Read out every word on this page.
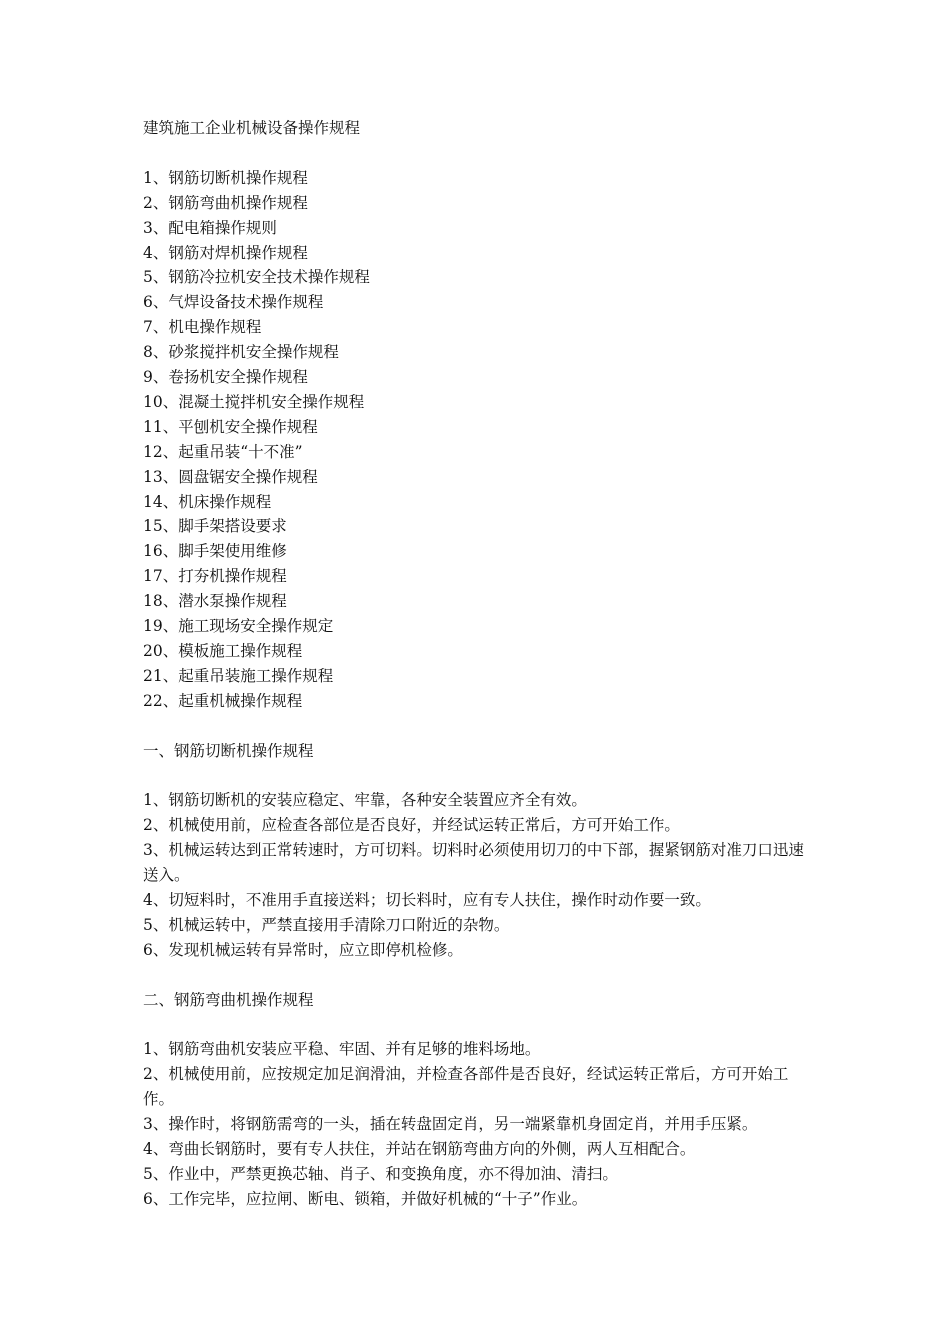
建筑施工企业机械设备操作规程
1、钢筋切断机操作规程
2、钢筋弯曲机操作规程
3、配电箱操作规则
4、钢筋对焊机操作规程
5、钢筋冷拉机安全技术操作规程
6、气焊设备技术操作规程
7、机电操作规程
8、砂浆搅拌机安全操作规程
9、卷扬机安全操作规程
10、混凝土搅拌机安全操作规程
11、平刨机安全操作规程
12、起重吊装“十不准”
13、圆盘锯安全操作规程
14、机床操作规程
15、脚手架搭设要求
16、脚手架使用维修
17、打夯机操作规程
18、潜水泵操作规程
19、施工现场安全操作规定
20、模板施工操作规程
21、起重吊装施工操作规程
22、起重机械操作规程
一、钢筋切断机操作规程
1、钢筋切断机的安装应稳定、牢靠，各种安全装置应齐全有效。
2、机械使用前，应检查各部位是否良好，并经试运转正常后，方可开始工作。
3、机械运转达到正常转速时，方可切料。切料时必须使用切刀的中下部，握紧钢筋对准刀口迅速送入。
4、切短料时，不准用手直接送料；切长料时，应有专人扶住，操作时动作要一致。
5、机械运转中，严禁直接用手清除刀口附近的杂物。
6、发现机械运转有异常时，应立即停机检修。
二、钢筋弯曲机操作规程
1、钢筋弯曲机安装应平稳、牢固、并有足够的堆料场地。
2、机械使用前，应按规定加足润滑油，并检查各部件是否良好，经试运转正常后，方可开始工作。
3、操作时，将钢筋需弯的一头，插在转盘固定肖，另一端紧靠机身固定肖，并用手压紧。
4、弯曲长钢筋时，要有专人扶住，并站在钢筋弯曲方向的外侧，两人互相配合。
5、作业中，严禁更换芯轴、肖子、和变换角度，亦不得加油、清扫。
6、工作完毕，应拉闸、断电、锁箱，并做好机械的“十子”作业。
